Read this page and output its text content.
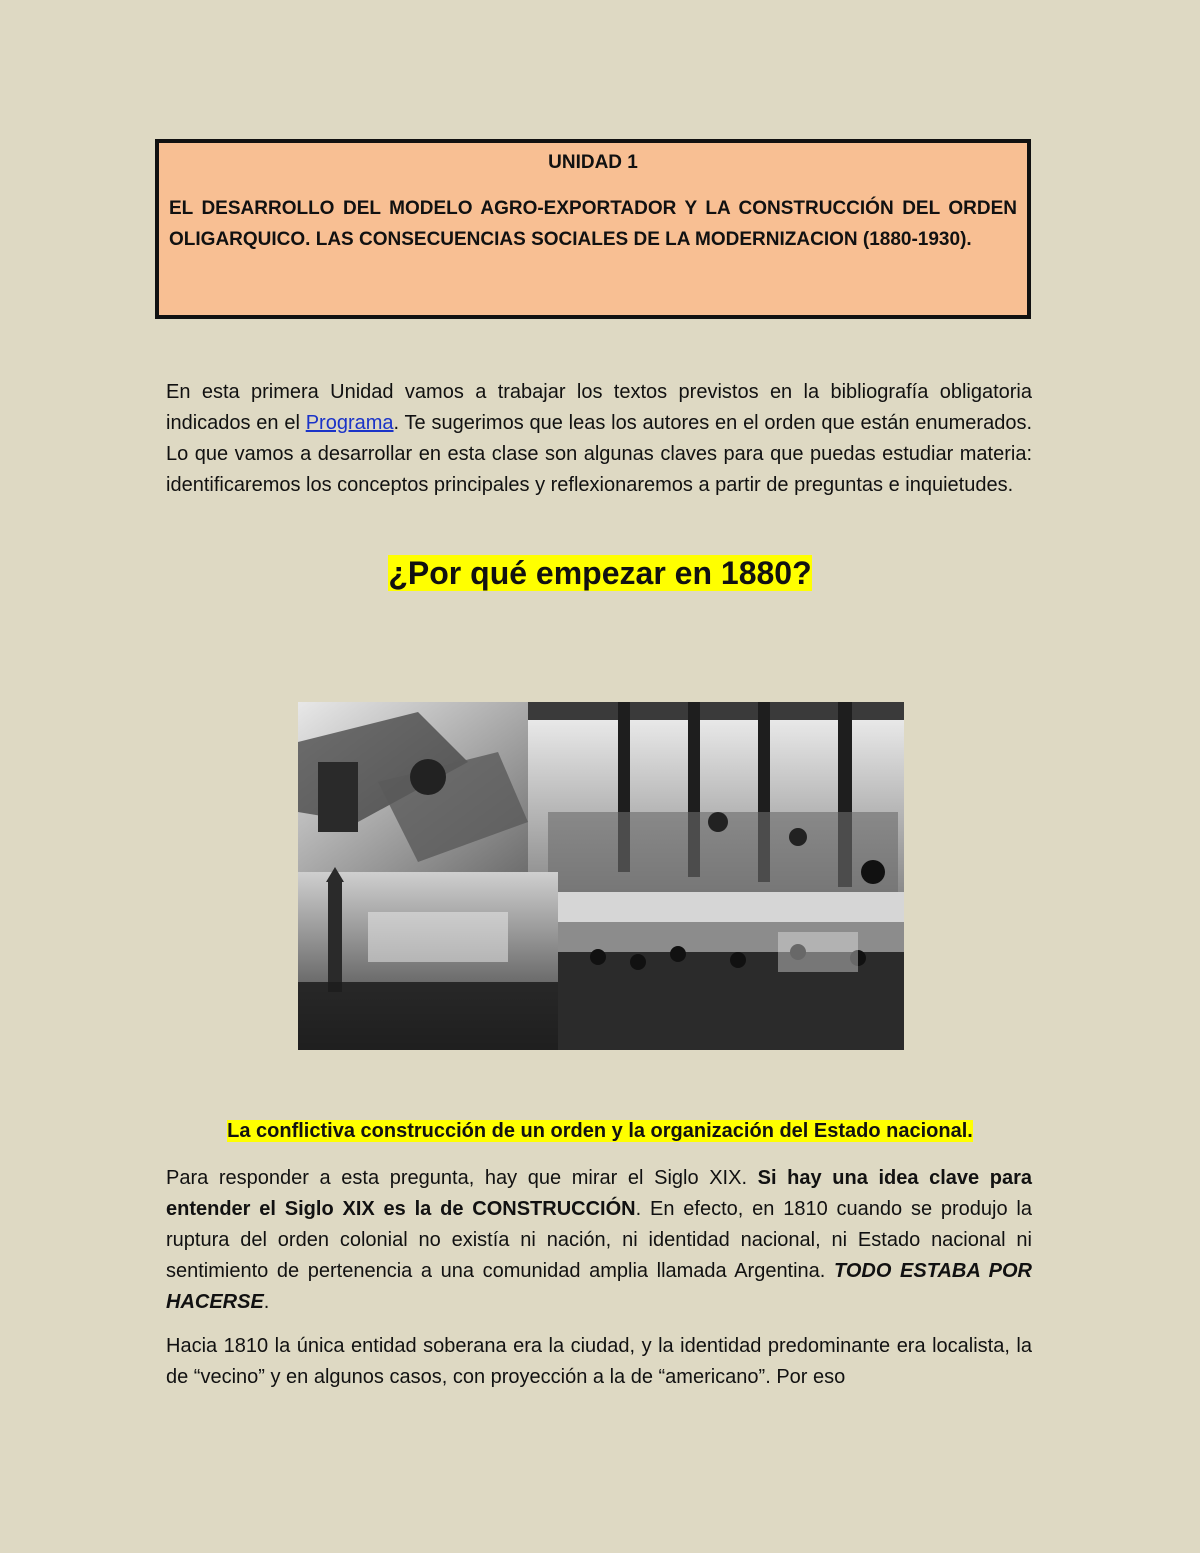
UNIDAD 1

EL DESARROLLO DEL MODELO AGRO-EXPORTADOR Y LA CONSTRUCCIÓN DEL ORDEN OLIGARQUICO. LAS CONSECUENCIAS SOCIALES DE LA MODERNIZACION (1880-1930).

En esta primera Unidad vamos a trabajar los textos previstos en la bibliografía obligatoria indicados en el Programa. Te sugerimos que leas los autores en el orden que están enumerados. Lo que vamos a desarrollar en esta clase son algunas claves para que puedas estudiar materia: identificaremos los conceptos principales y reflexionaremos a partir de preguntas e inquietudes.

¿Por qué empezar en 1880?
La conflictiva construcción de un orden y la organización del Estado nacional.

Para responder a esta pregunta, hay que mirar el Siglo XIX. Si hay una idea clave para entender el Siglo XIX es la de CONSTRUCCIÓN. En efecto, en 1810 cuando se produjo la ruptura del orden colonial no existía ni nación, ni identidad nacional, ni Estado nacional ni sentimiento de pertenencia a una comunidad amplia llamada Argentina. TODO ESTABA POR HACERSE.

Hacia 1810 la única entidad soberana era la ciudad, y la identidad predominante era localista, la de “vecino” y en algunos casos, con proyección a la de “americano”. Por eso
